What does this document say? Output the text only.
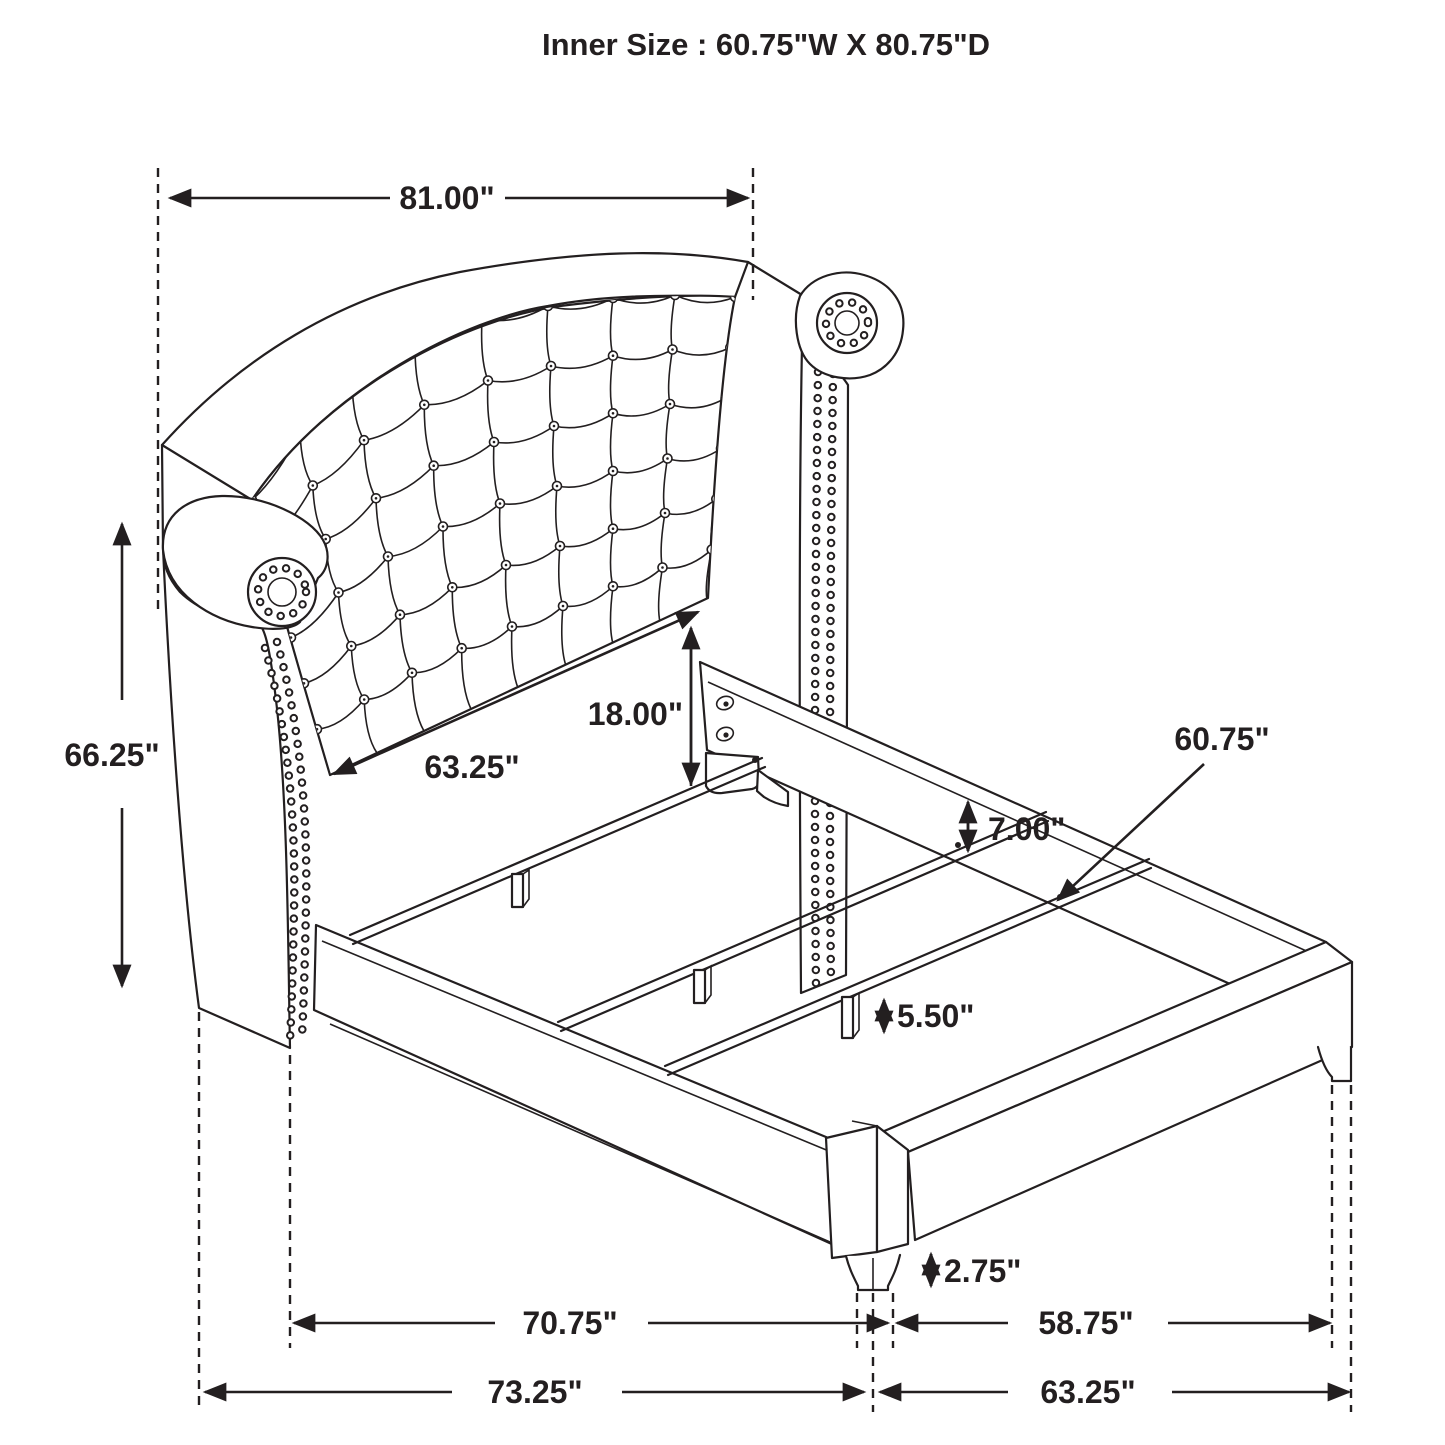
81.00"
66.25"	63.25"
18.00"
7.00"
60.75"
5.50"
2.75"
70.75"	58.75"
73.25"	63.25"
Inner Size : 60.75"W X 80.75"D
